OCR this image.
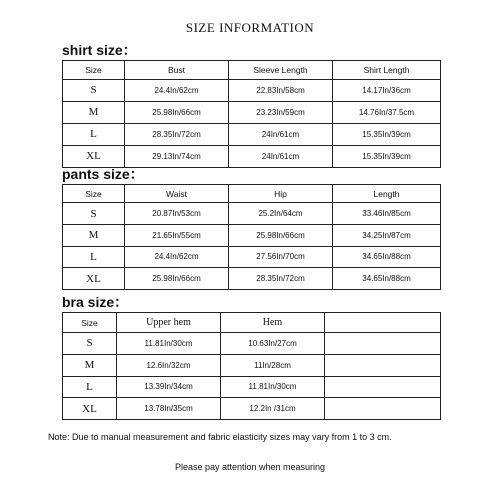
SIZE INFORMATION
shirt size：
Size	Bust	Sleeve Length	Shirt Length
S	24.4In/62cm	22.83In/58cm	14.17In/36cm
M	25.98In/66cm	23.23In/59cm	14.76In/37.5cm
L	28.35In/72cm	24In/61cm	15.35In/39cm
XL	29.13In/74cm	24In/61cm	15.35In/39cm
pants size：
Size	Waist	Hip	Length
S	20.87In/53cm	25.2In/64cm	33.46In/85cm
M	21.65In/55cm	25.98In/66cm	34.25In/87cm
L	24.4In/62cm	27.56In/70cm	34.65In/88cm
XL	25.98In/66cm	28.35In/72cm	34.65In/88cm
bra size：
Size	Upper hem	Hem	
S	11.81In/30cm	10.63In/27cm	
M	12.6In/32cm	11In/28cm	
L	13.39In/34cm	11.81In/30cm	
XL	13.78In/35cm	12.2In /31cm	
Note: Due to manual measurement and fabric elasticity sizes may vary from 1 to 3 cm.
Please pay attention when measuring
